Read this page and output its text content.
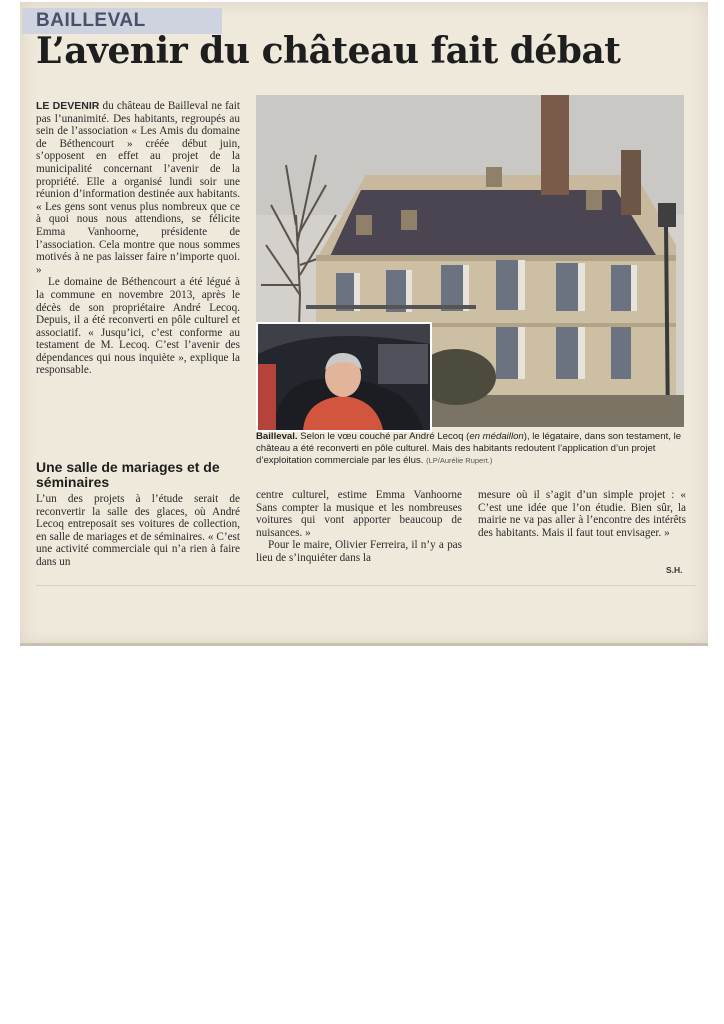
BAILLEVAL
L’avenir du château fait débat

LE DEVENIR du château de Bailleval ne fait pas l’unanimité. Des habitants, regroupés au sein de l’association « Les Amis du domaine de Béthencourt » créée début juin, s’opposent en effet au projet de la municipalité concernant l’avenir de la propriété. Elle a organisé lundi soir une réunion d’information destinée aux habitants. « Les gens sont venus plus nombreux que ce à quoi nous nous attendions, se félicite Emma Vanhoorne, présidente de l’association. Cela montre que nous sommes motivés à ne pas laisser faire n’importe quoi. »

Le domaine de Béthencourt a été légué à la commune en novembre 2013, après le décès de son propriétaire André Lecoq. Depuis, il a été reconverti en pôle culturel et associatif. « Jusqu’ici, c’est conforme au testament de M. Lecoq. C’est l’avenir des dépendances qui nous inquiète », explique la responsable.

Une salle de mariages et de séminaires

L’un des projets à l’étude serait de reconvertir la salle des glaces, où André Lecoq entreposait ses voitures de collection, en salle de mariages et de séminaires. « C’est une activité commerciale qui n’a rien à faire dans un

Bailleval. Selon le vœu couché par André Lecoq (en médaillon), le légataire, dans son testament, le château a été reconverti en pôle culturel. Mais des habitants redoutent l’application d’un projet d’exploitation commerciale par les élus. (LP/Aurélie Rupert.)

centre culturel, estime Emma Vanhoorne Sans compter la musique et les nombreuses voitures qui vont apporter beaucoup de nuisances. »

Pour le maire, Olivier Ferreira, il n’y a pas lieu de s’inquiéter dans la

mesure où il s’agit d’un simple projet : « C’est une idée que l’on étudie. Bien sûr, la mairie ne va pas aller à l’encontre des intérêts des habitants. Mais il faut tout envisager. »

S.H.
